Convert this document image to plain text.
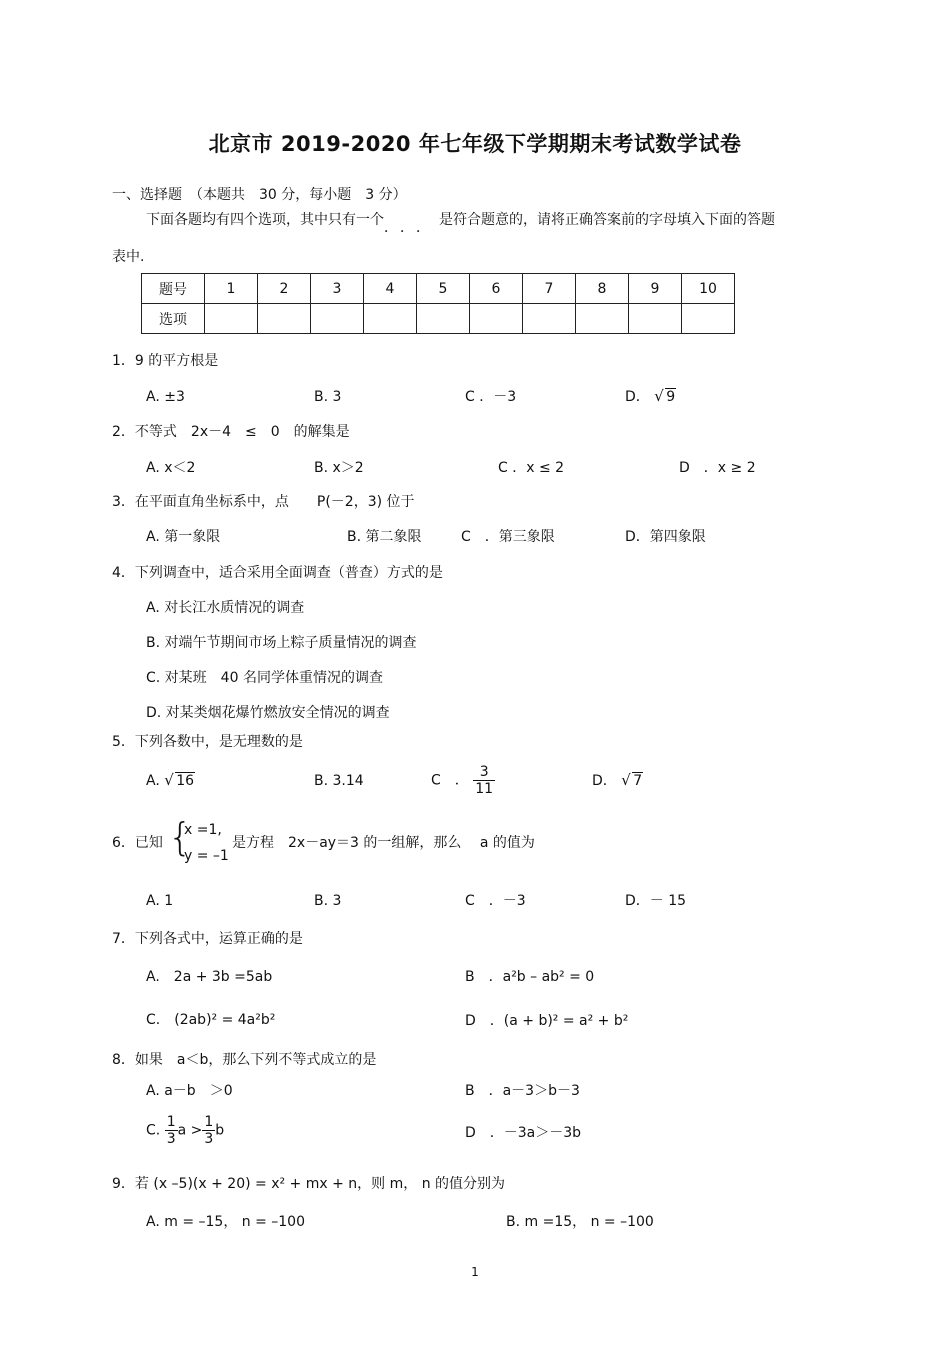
北京市 2019-2020 年七年级下学期期末考试数学试卷
一、选择题　（本题共　30 分，每小题　3 分）
下面各题均有四个选项，其中只有一个．．．是符合题意的，请将正确答案前的字母填入下面的答题
表中.
题号	1	2	3	4	5	6	7	8	9	10
选项										
1．9 的平方根是
A. ±3	B. 3	C ．－3	D． √ 9
2．不等式　2x－4　≤　0　的解集是
A. x＜2	B. x＞2	C ．x ≤ 2	D　．x ≥ 2
3．在平面直角坐标系中，点　　P(－2，3) 位于
A. 第一象限	B. 第二象限	C　．第三象限	D．第四象限
4．下列调查中，适合采用全面调查（普查）方式的是
A. 对长江水质情况的调查
B. 对端午节期间市场上粽子质量情况的调查
C. 对某班　40 名同学体重情况的调查
D. 对某类烟花爆竹燃放安全情况的调查
5．下列各数中，是无理数的是
A. √ 16	B. 3.14	C　． $\frac{3}{11}$	D． √ 7
6．已知 {
x =1,
y = –1
是方程　2x－ay＝3 的一组解，那么　 a 的值为
A. 1	B. 3	C　．－3	D．－ 15
7．下列各式中，运算正确的是
A.　 2a + 3b =5ab	B　．a²b – ab² = 0
C.　 (2ab)² = 4a²b²	D　．(a + b)² = a² + b²
8．如果　a＜b，那么下列不等式成立的是
A. a－b　＞0	B　．a－3＞b－3
C. $\frac{1}{3}$ $a > \frac{1}{3}$ b	D　．－3a＞－3b
9．若 (x –5)(x + 20) = x² + mx + n，则 m， n 的值分别为
A. m = –15， n = –100	B. m =15， n = –100
1
